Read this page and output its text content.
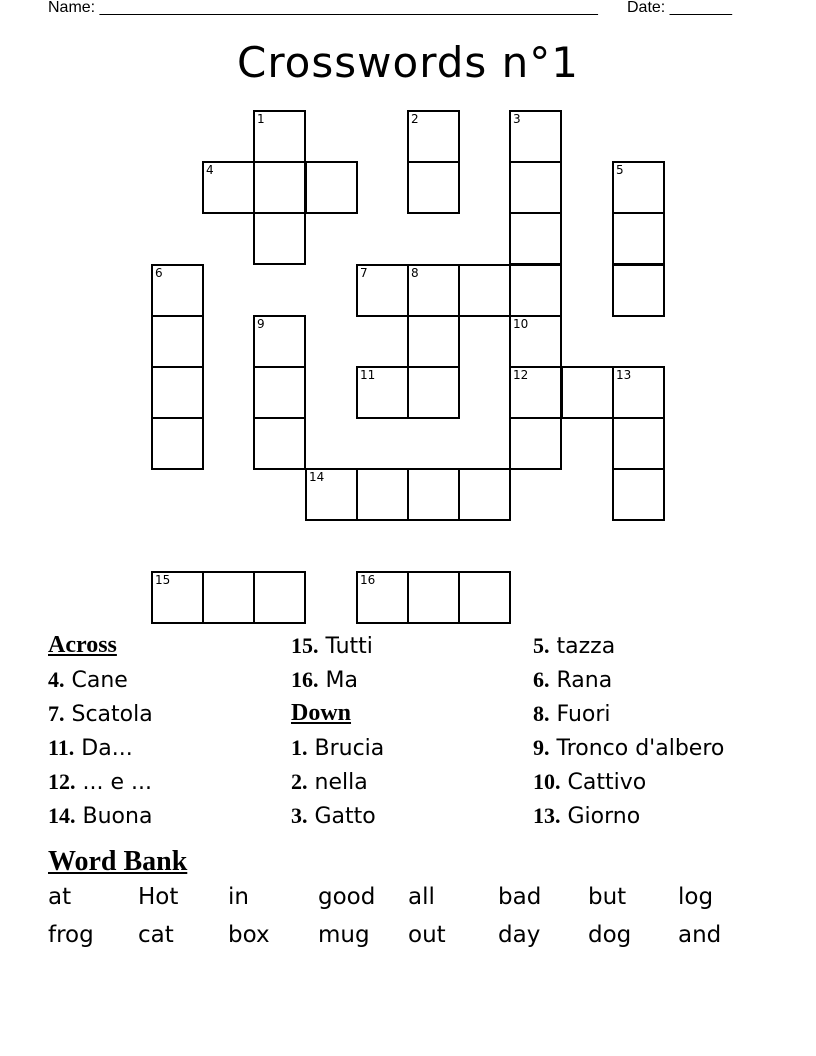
Name: ________________________________________________________ Date: _______
Crosswords n°1
1	2	3
4	5
6	7	8
9	10
11	12	13
14
15	16
Across
4. Cane
7. Scatola
11. Da...
12. ... e ...
14. Buona
15. Tutti
16. Ma
Down
1. Brucia
2. nella
3. Gatto
5. tazza
6. Rana
8. Fuori
9. Tronco d'albero
10. Cattivo
13. Giorno
Word Bank
at	Hot in	good all	bad but log
frog cat box mug out day dog and
